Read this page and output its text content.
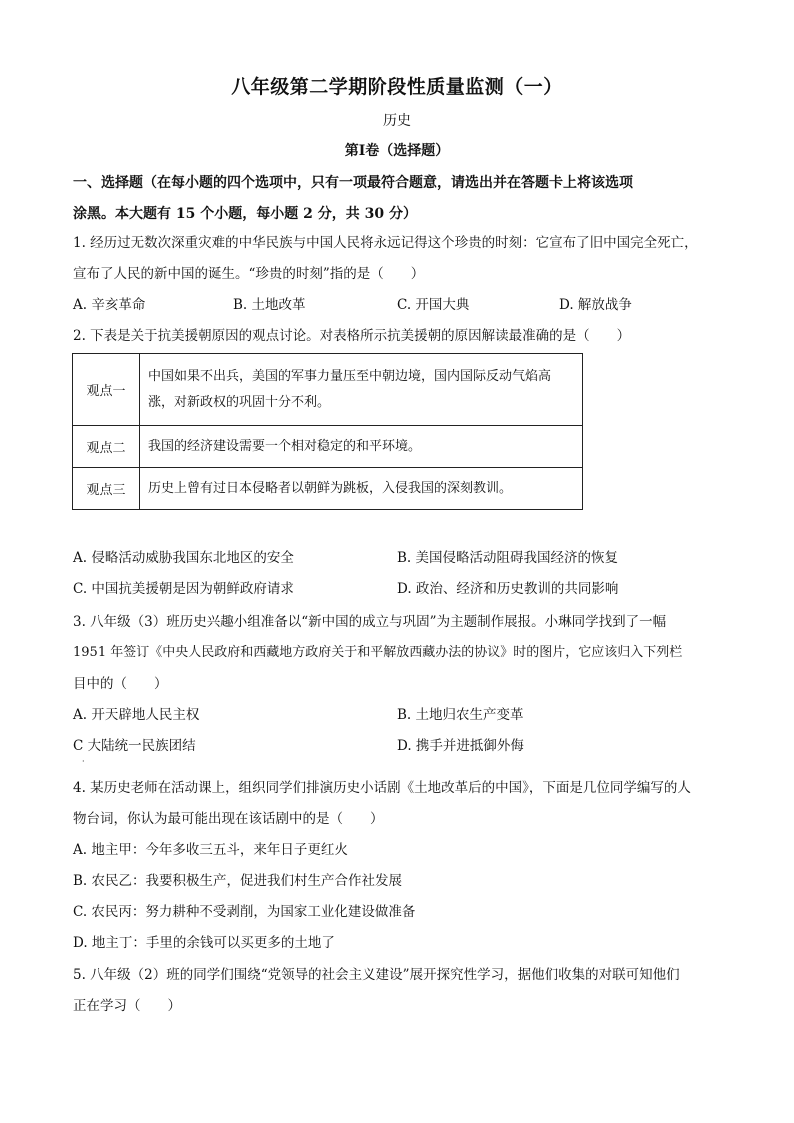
八年级第二学期阶段性质量监测（一）
历史
第Ⅰ卷（选择题）
一、选择题（在每小题的四个选项中，只有一项最符合题意，请选出并在答题卡上将该选项
涂黑。本大题有 15 个小题，每小题 2 分，共 30 分）
1. 经历过无数次深重灾难的中华民族与中国人民将永远记得这个珍贵的时刻：它宣布了旧中国完全死亡，
宣布了人民的新中国的诞生。“珍贵的时刻”指的是（　　）
A. 辛亥革命	B. 土地改革	C. 开国大典	D. 解放战争
2. 下表是关于抗美援朝原因的观点讨论。对表格所示抗美援朝的原因解读最准确的是（　　）
观点一	中国如果不出兵，美国的军事力量压至中朝边境，国内国际反动气焰高涨，对新政权的巩固十分不利。
观点二	我国的经济建设需要一个相对稳定的和平环境。
观点三	历史上曾有过日本侵略者以朝鲜为跳板，入侵我国的深刻教训。
A. 侵略活动威胁我国东北地区的安全	B. 美国侵略活动阻碍我国经济的恢复
C. 中国抗美援朝是因为朝鲜政府请求	D. 政治、经济和历史教训的共同影响
3. 八年级（3）班历史兴趣小组准备以“新中国的成立与巩固”为主题制作展报。小琳同学找到了一幅
1951 年签订《中央人民政府和西藏地方政府关于和平解放西藏办法的协议》时的图片，它应该归入下列栏
目中的（　　）
A. 开天辟地人民主权	B. 土地归农生产变革
C 大陆统一民族团结	D. 携手并进抵御外侮
·
4. 某历史老师在活动课上，组织同学们排演历史小话剧《土地改革后的中国》，下面是几位同学编写的人
物台词，你认为最可能出现在该话剧中的是（　　）
A. 地主甲：今年多收三五斗，来年日子更红火
B. 农民乙：我要积极生产，促进我们村生产合作社发展
C. 农民丙：努力耕种不受剥削，为国家工业化建设做准备
D. 地主丁：手里的余钱可以买更多的土地了
5. 八年级（2）班的同学们围绕“党领导的社会主义建设”展开探究性学习，据他们收集的对联可知他们
正在学习（　　）
